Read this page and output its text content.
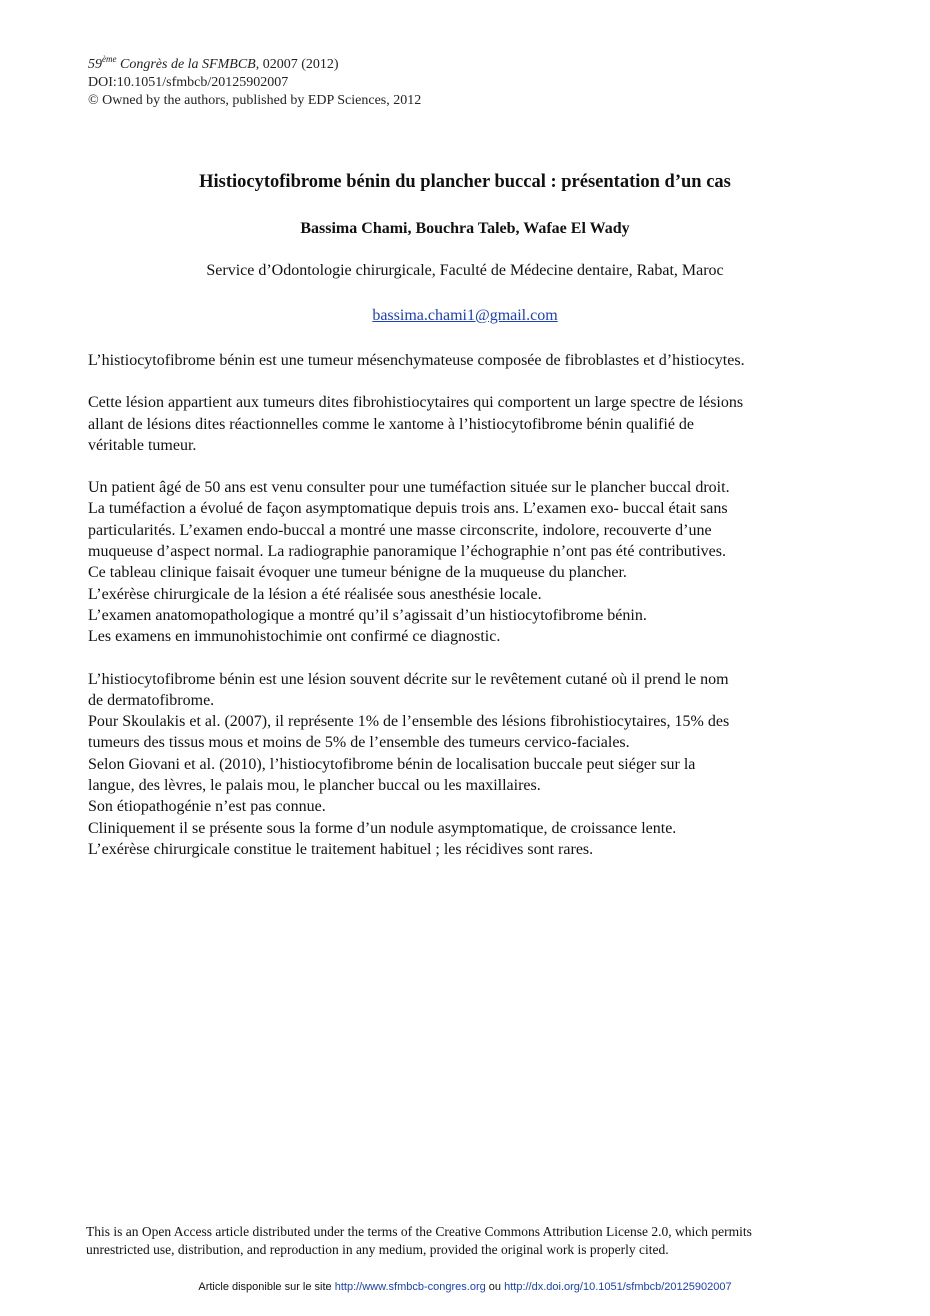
59ème Congrès de la SFMBCB, 02007 (2012)
DOI:10.1051/sfmbcb/20125902007
© Owned by the authors, published by EDP Sciences, 2012
Histiocytofibrome bénin du plancher buccal : présentation d’un cas
Bassima Chami, Bouchra Taleb, Wafae El Wady
Service d’Odontologie chirurgicale, Faculté de Médecine dentaire, Rabat, Maroc
bassima.chami1@gmail.com
L’histiocytofibrome bénin est une tumeur mésenchymateuse composée de fibroblastes et d’histiocytes.
Cette lésion appartient aux tumeurs dites fibrohistiocytaires qui comportent un large spectre de lésions
allant de lésions dites réactionnelles comme le xantome à l’histiocytofibrome bénin qualifié de
véritable tumeur.
Un patient âgé de 50 ans est venu consulter pour une tuméfaction située sur le plancher buccal droit.
La tuméfaction a évolué de façon asymptomatique depuis trois ans. L’examen exo- buccal était sans
particularités. L’examen endo-buccal a montré une masse circonscrite, indolore, recouverte d’une
muqueuse d’aspect normal. La radiographie panoramique l’échographie n’ont pas été contributives.
Ce tableau clinique faisait évoquer une tumeur bénigne de la muqueuse du plancher.
L’exérèse chirurgicale de la lésion a été réalisée sous anesthésie locale.
L’examen anatomopathologique a montré qu’il s’agissait d’un histiocytofibrome bénin.
Les examens en immunohistochimie ont confirmé ce diagnostic.
L’histiocytofibrome bénin est une lésion souvent décrite sur le revêtement cutané où il prend le nom
de dermatofibrome.
Pour Skoulakis et al. (2007), il représente 1% de l’ensemble des lésions fibrohistiocytaires, 15% des
tumeurs des tissus mous et moins de 5% de l’ensemble des tumeurs cervico-faciales.
Selon Giovani et al. (2010), l’histiocytofibrome bénin de localisation buccale peut siéger sur la
langue, des lèvres, le palais mou, le plancher buccal ou les maxillaires.
Son étiopathogénie n’est pas connue.
Cliniquement il se présente sous la forme d’un nodule asymptomatique, de croissance lente.
L’exérèse chirurgicale constitue le traitement habituel ; les récidives sont rares.
This is an Open Access article distributed under the terms of the Creative Commons Attribution License 2.0, which permits
unrestricted use, distribution, and reproduction in any medium, provided the original work is properly cited.
Article disponible sur le site http://www.sfmbcb-congres.org ou http://dx.doi.org/10.1051/sfmbcb/20125902007
